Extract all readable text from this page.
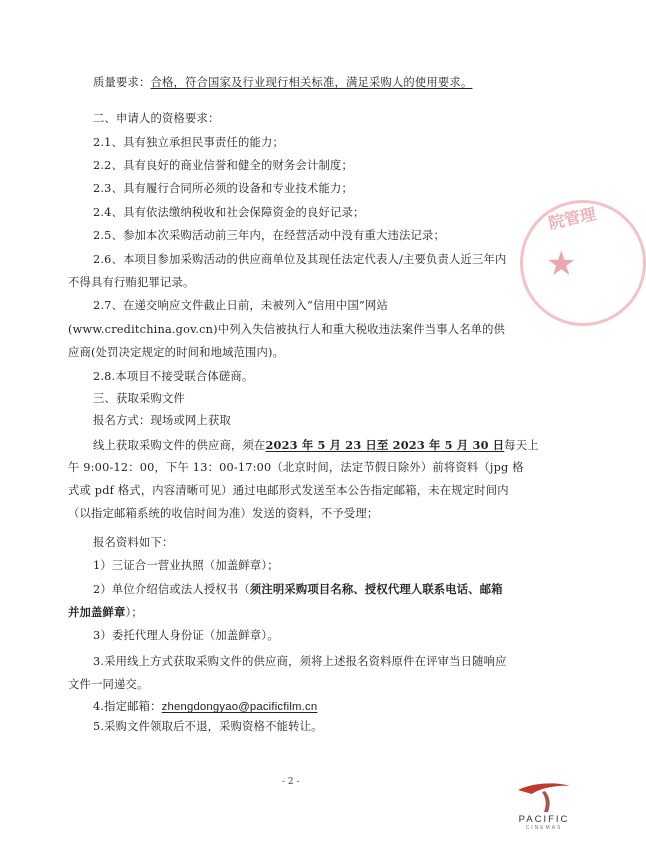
质量要求：合格，符合国家及行业现行相关标准，满足采购人的使用要求。
二、申请人的资格要求：
2.1、具有独立承担民事责任的能力；
2.2、具有良好的商业信誉和健全的财务会计制度；
2.3、具有履行合同所必须的设备和专业技术能力；
2.4、具有依法缴纳税收和社会保障资金的良好记录；
2.5、参加本次采购活动前三年内，在经营活动中没有重大违法记录；
2.6、本项目参加采购活动的供应商单位及其现任法定代表人/主要负责人近三年内
不得具有行贿犯罪记录。
2.7、在递交响应文件截止日前，未被列入“信用中国”网站
(www.creditchina.gov.cn)中列入失信被执行人和重大税收违法案件当事人名单的供
应商(处罚决定规定的时间和地域范围内)。
2.8.本项目不接受联合体磋商。
三、获取采购文件
报名方式：现场或网上获取
线上获取采购文件的供应商，须在2023 年 5 月 23 日至 2023 年 5 月 30 日每天上
午 9:00-12：00，下午 13：00-17:00（北京时间，法定节假日除外）前将资料（jpg 格
式或 pdf 格式，内容清晰可见）通过电邮形式发送至本公告指定邮箱，未在规定时间内
（以指定邮箱系统的收信时间为准）发送的资料，不予受理；
报名资料如下：
1）三证合一营业执照（加盖鲜章）；
2）单位介绍信或法人授权书（须注明采购项目名称、授权代理人联系电话、邮箱
并加盖鲜章）；
3）委托代理人身份证（加盖鲜章）。
3.采用线上方式获取采购文件的供应商，须将上述报名资料原件在评审当日随响应
文件一同递交。
4.指定邮箱：zhengdongyao@pacificfilm.cn
5.采购文件领取后不退，采购资格不能转让。
- 2 -
院管理
★
PACIFIC
CINEMAS
